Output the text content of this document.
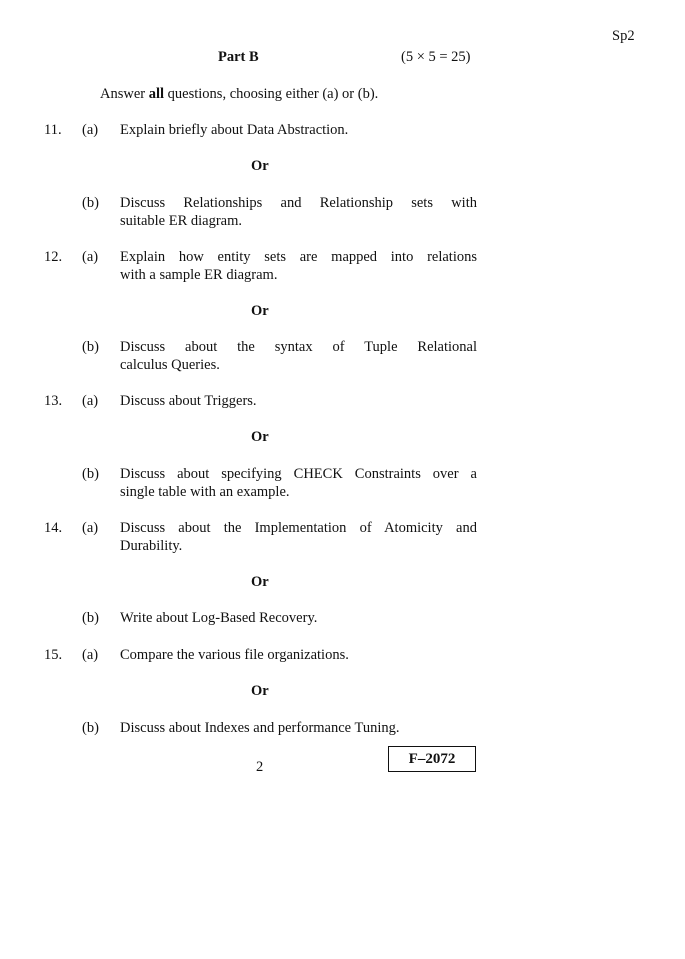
Sp2
Part B	(5 × 5 = 25)
Answer all questions, choosing either (a) or (b).
11. (a) Explain briefly about Data Abstraction.
Or
(b) Discuss Relationships and Relationship sets with
suitable ER diagram.
12. (a) Explain how entity sets are mapped into relations
with a sample ER diagram.
Or
(b) Discuss about the syntax of Tuple Relational
calculus Queries.
13. (a) Discuss about Triggers.
Or
(b) Discuss about specifying CHECK Constraints over a
single table with an example.
14. (a) Discuss about the Implementation of Atomicity and
Durability.
Or
(b) Write about Log-Based Recovery.
15. (a) Compare the various file organizations.
Or
(b) Discuss about Indexes and performance Tuning.
2	F–2072
